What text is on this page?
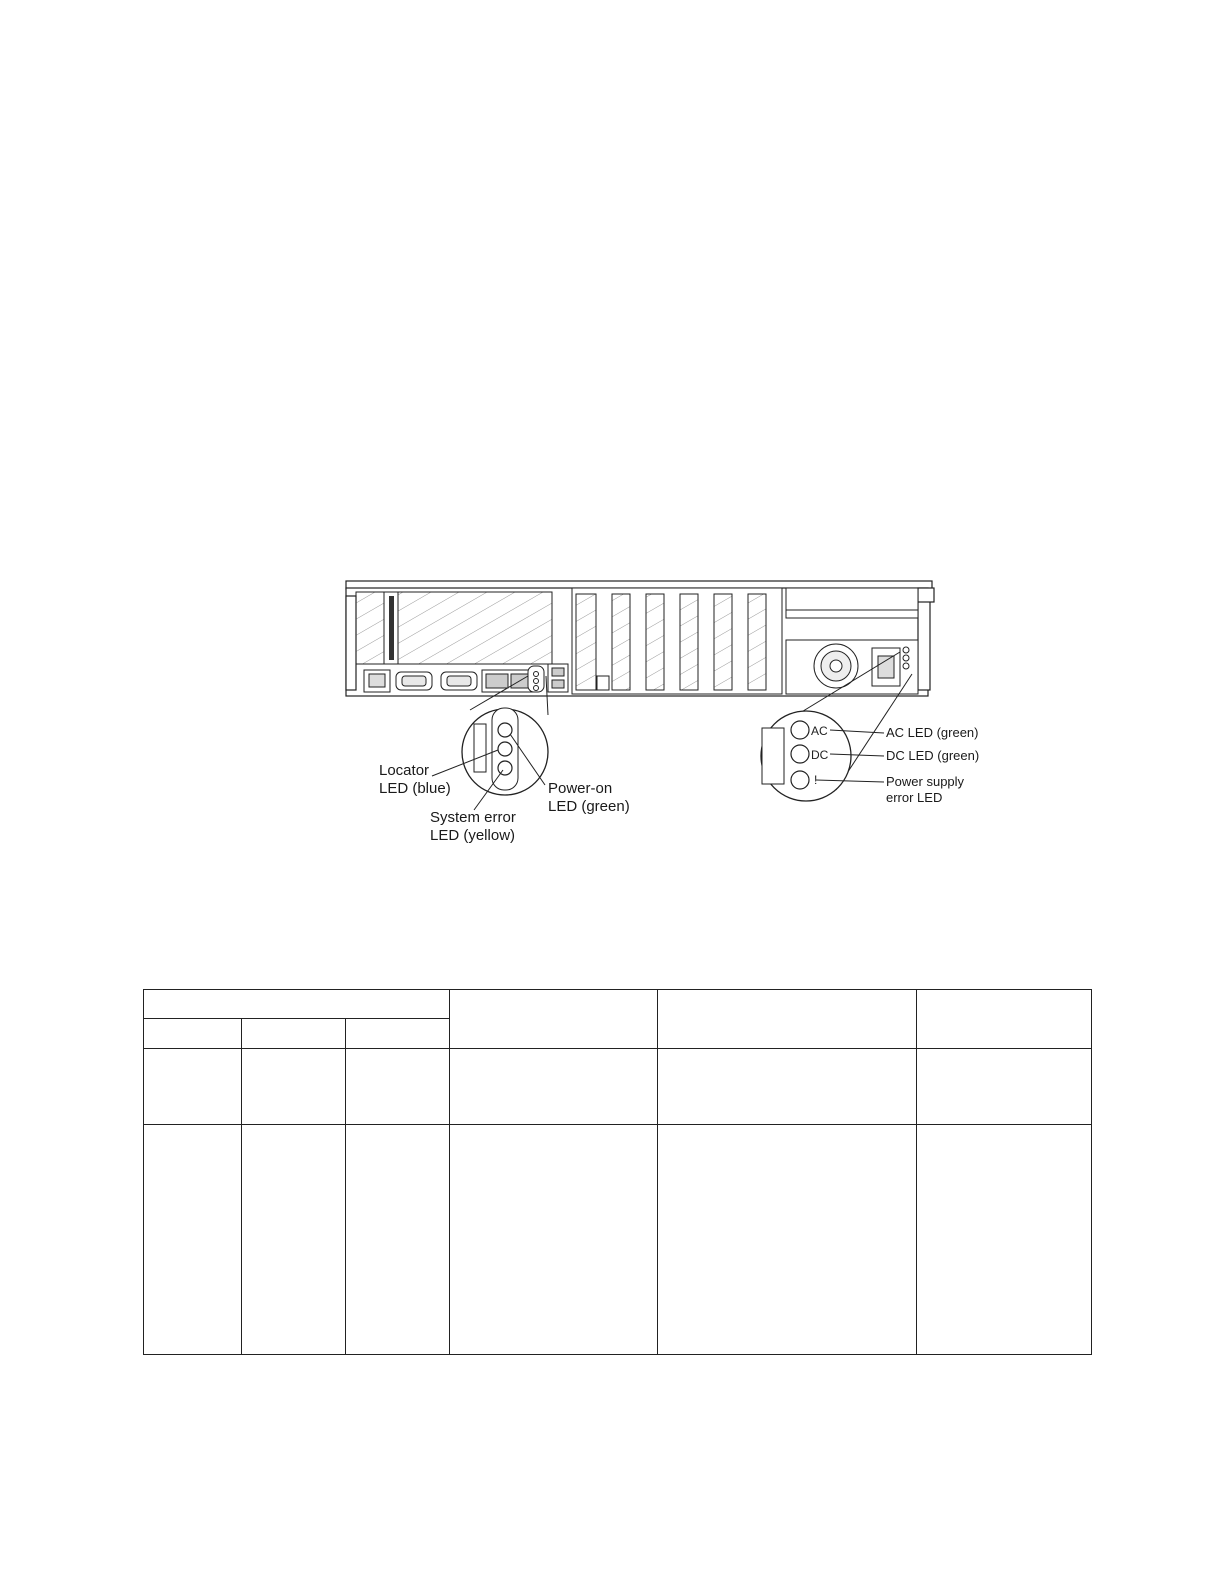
AC
DC
!
Locator
LED (blue)
System error
LED (yellow)
Power-on
LED (green)
AC LED (green)
DC LED (green)
Power supply
error LED
